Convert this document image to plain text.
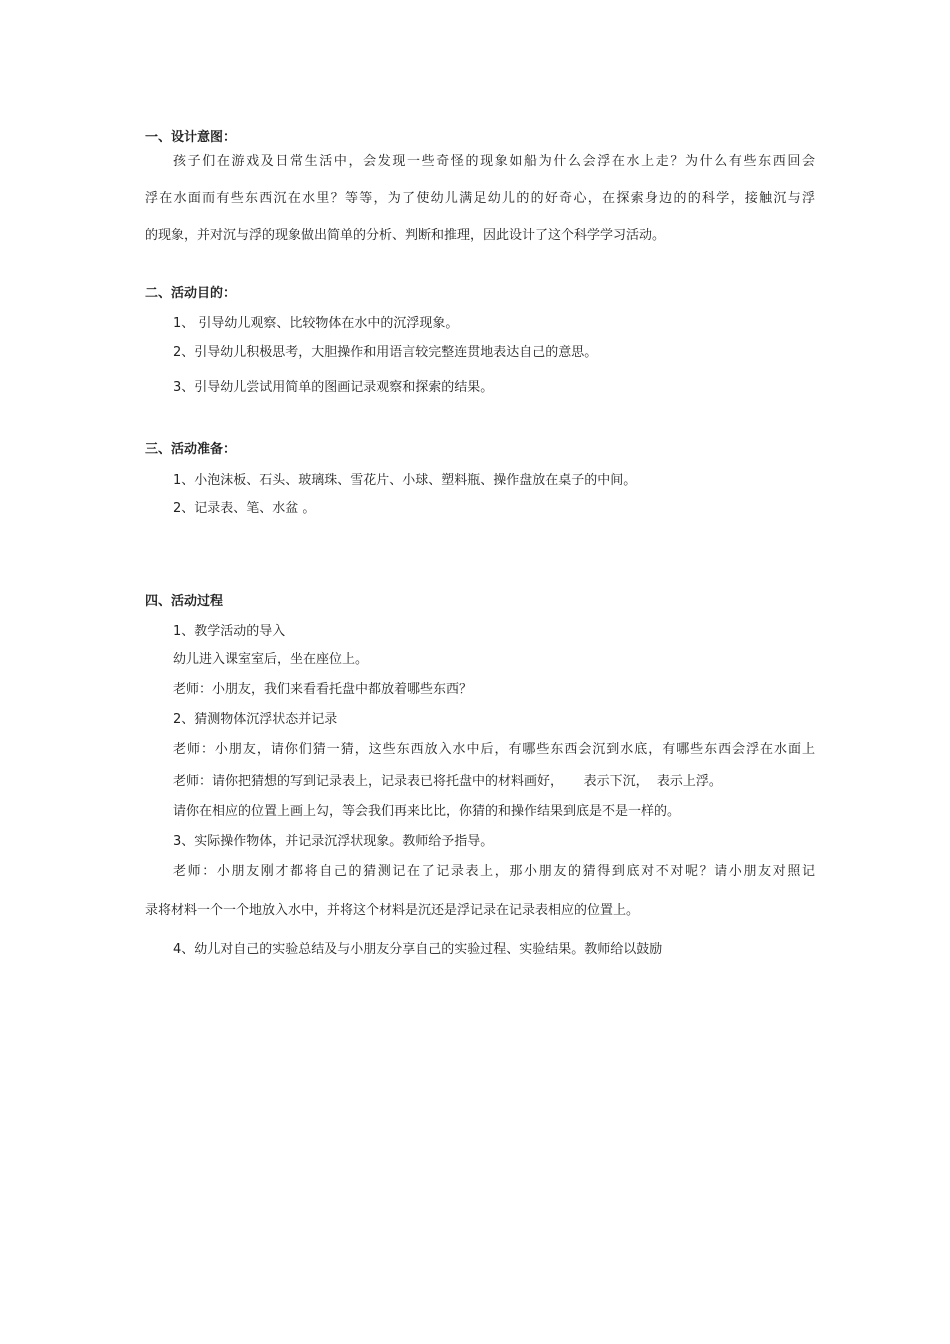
一、设计意图：
孩子们在游戏及日常生活中，会发现一些奇怪的现象如船为什么会浮在水上走？为什么有些东西回会
浮在水面而有些东西沉在水里？等等，为了使幼儿满足幼儿的的好奇心，在探索身边的的科学，接触沉与浮
的现象，并对沉与浮的现象做出简单的分析、判断和推理，因此设计了这个科学学习活动。
二、活动目的：
1、 引导幼儿观察、比较物体在水中的沉浮现象。
2、引导幼儿积极思考，大胆操作和用语言较完整连贯地表达自己的意思。
3、引导幼儿尝试用简单的图画记录观察和探索的结果。
三、活动准备：
1、小泡沫板、石头、玻璃珠、雪花片、小球、塑料瓶、操作盘放在桌子的中间。
2、记录表、笔、水盆 。
四、活动过程
1、教学活动的导入
幼儿进入课室室后，坐在座位上。
老师：小朋友，我们来看看托盘中都放着哪些东西？
2、猜测物体沉浮状态并记录
老师：小朋友，请你们猜一猜，这些东西放入水中后，有哪些东西会沉到水底，有哪些东西会浮在水面上
老师：请你把猜想的写到记录表上，记录表已将托盘中的材料画好，     表示下沉，  表示上浮。
请你在相应的位置上画上勾，等会我们再来比比，你猜的和操作结果到底是不是一样的。
3、实际操作物体，并记录沉浮状现象。教师给予指导。
老师：小朋友刚才都将自己的猜测记在了记录表上，那小朋友的猜得到底对不对呢？请小朋友对照记
录将材料一个一个地放入水中，并将这个材料是沉还是浮记录在记录表相应的位置上。
4、幼儿对自己的实验总结及与小朋友分享自己的实验过程、实验结果。教师给以鼓励
